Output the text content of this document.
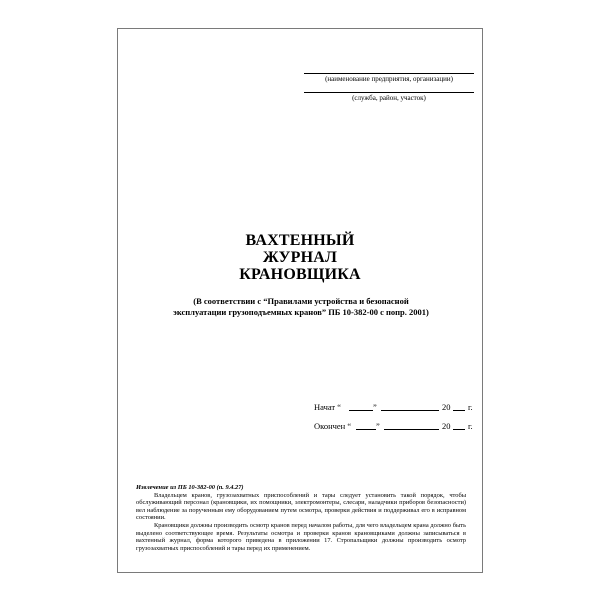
(наименование предприятия, организации)
(служба, район, участок)
ВАХТЕННЫЙ
ЖУРНАЛ
КРАНОВЩИКА
(В соответствии с “Правилами устройства и безопасной
эксплуатации грузоподъемных кранов” ПБ 10-382-00 с попр. 2001)
Начат “	”	20 г.
Окончен “	”	20 г.
Извлечение из ПБ 10-382-00 (п. 9.4.27)

Владельцем кранов, грузозахватных приспособлений и тары следует установить такой порядок, чтобы обслуживающий персонал (крановщики, их помощники, электромонтеры, слесари, наладчики приборов безопасности) вел наблюдение за порученным ему оборудованием путем осмотра, проверки действия и поддерживал его в исправном состоянии.

Крановщики должны производить осмотр кранов перед началом работы, для чего владельцем крана должно быть выделено соответствующее время. Результаты осмотра и проверки кранов крановщиками должны записываться в вахтенный журнал, форма которого приведена в приложении 17. Стропальщики должны производить осмотр грузозахватных приспособлений и тары перед их применением.
